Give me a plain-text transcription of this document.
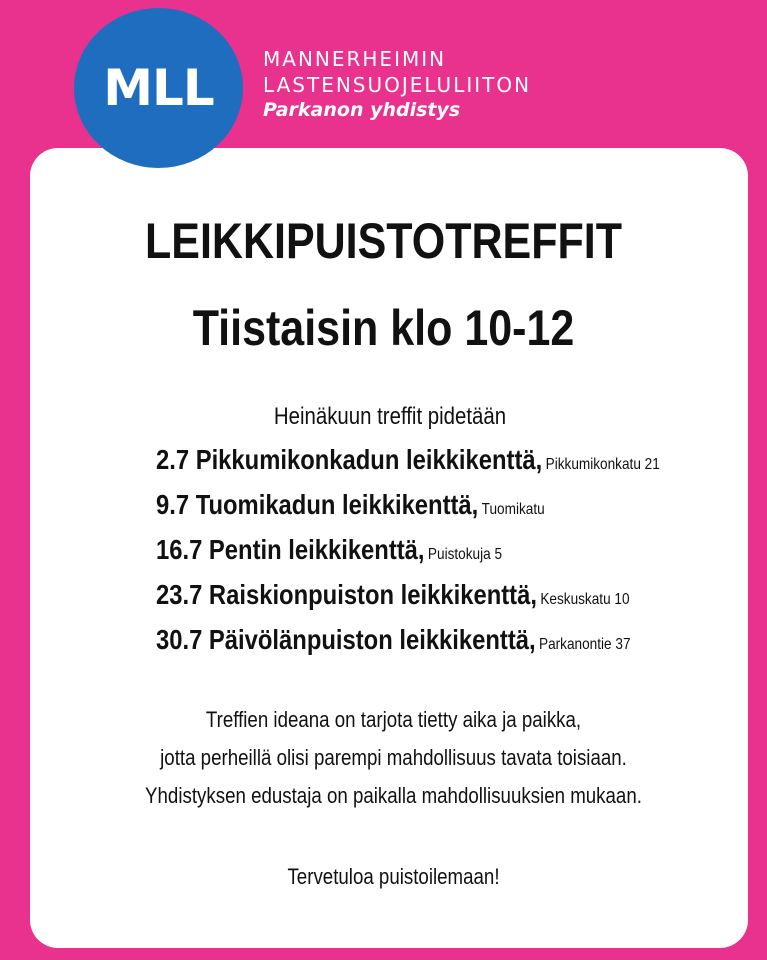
MLL MANNERHEIMIN
LASTENSUOJELULIITON
Parkanon yhdistys
LEIKKIPUISTOTREFFIT
Tiistaisin klo 10-12
Heinäkuun treffit pidetään
2.7 Pikkumikonkadun leikkikenttä, Pikkumikonkatu 21
9.7 Tuomikadun leikkikenttä, Tuomikatu
16.7 Pentin leikkikenttä, Puistokuja 5
23.7 Raiskionpuiston leikkikenttä, Keskuskatu 10
30.7 Päivölänpuiston leikkikenttä, Parkanontie 37
Treffien ideana on tarjota tietty aika ja paikka,
jotta perheillä olisi parempi mahdollisuus tavata toisiaan.
Yhdistyksen edustaja on paikalla mahdollisuuksien mukaan.
Tervetuloa puistoilemaan!
